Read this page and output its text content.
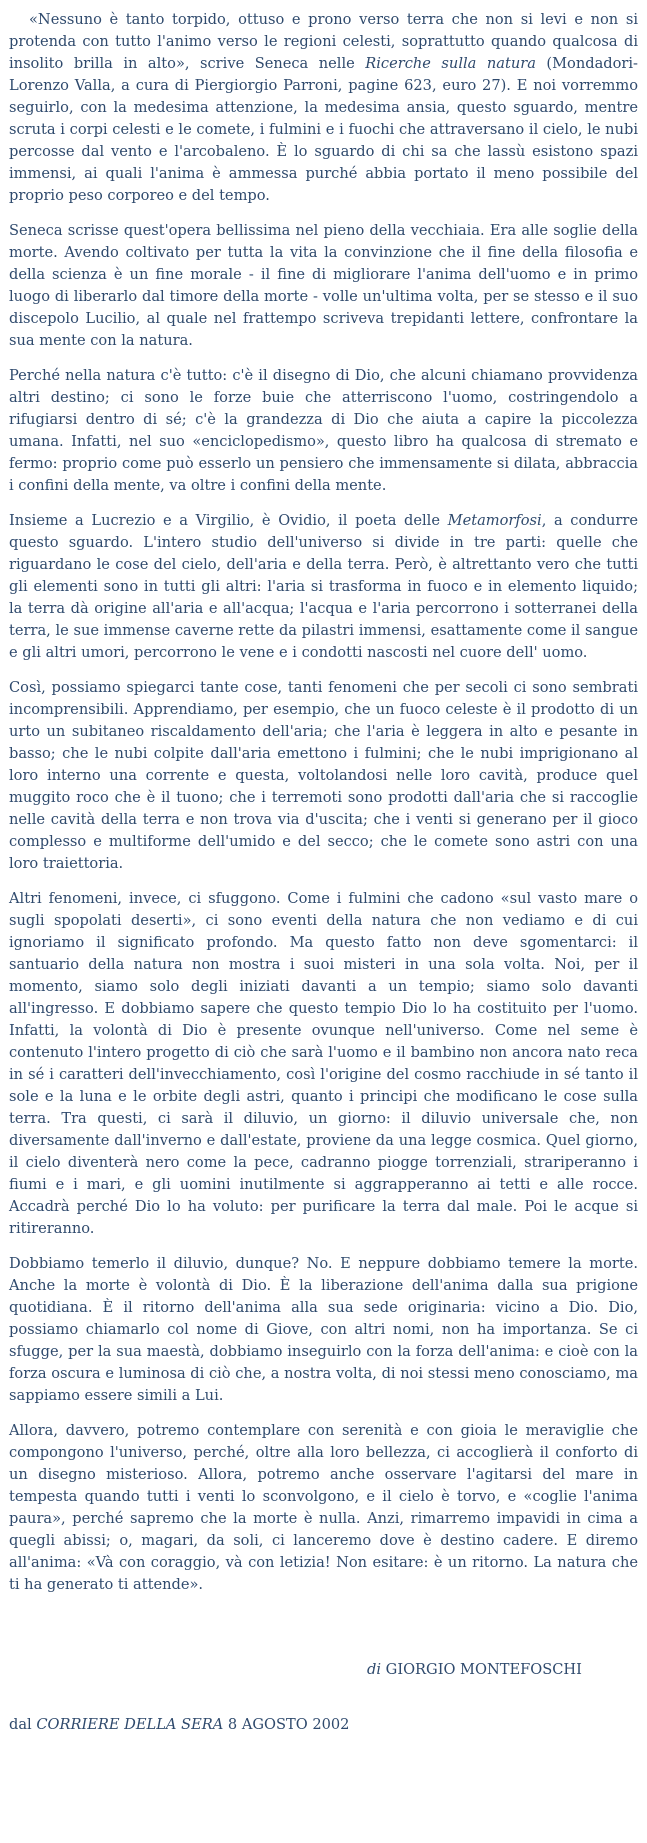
«Nessuno è tanto torpido, ottuso e prono verso terra che non si levi e non si protenda con tutto l'animo verso le regioni celesti, soprattutto quando qualcosa di insolito brilla in alto», scrive Seneca nelle Ricerche sulla natura (Mondadori-Lorenzo Valla, a cura di Piergiorgio Parroni, pagine 623, euro 27). E noi vorremmo seguirlo, con la medesima attenzione, la medesima ansia, questo sguardo, mentre scruta i corpi celesti e le comete, i fulmini e i fuochi che attraversano il cielo, le nubi percosse dal vento e l'arcobaleno. È lo sguardo di chi sa che lassù esistono spazi immensi, ai quali l'anima è ammessa purché abbia portato il meno possibile del proprio peso corporeo e del tempo.

Seneca scrisse quest'opera bellissima nel pieno della vecchiaia. Era alle soglie della morte. Avendo coltivato per tutta la vita la convinzione che il fine della filosofia e della scienza è un fine morale - il fine di migliorare l'anima dell'uomo e in primo luogo di liberarlo dal timore della morte - volle un'ultima volta, per se stesso e il suo discepolo Lucilio, al quale nel frattempo scriveva trepidanti lettere, confrontare la sua mente con la natura.

Perché nella natura c'è tutto: c'è il disegno di Dio, che alcuni chiamano provvidenza altri destino; ci sono le forze buie che atterriscono l'uomo, costringendolo a rifugiarsi dentro di sé; c'è la grandezza di Dio che aiuta a capire la piccolezza umana. Infatti, nel suo «enciclopedismo», questo libro ha qualcosa di stremato e fermo: proprio come può esserlo un pensiero che immensamente si dilata, abbraccia i confini della mente, va oltre i confini della mente.

Insieme a Lucrezio e a Virgilio, è Ovidio, il poeta delle Metamorfosi, a condurre questo sguardo. L'intero studio dell'universo si divide in tre parti: quelle che riguardano le cose del cielo, dell'aria e della terra. Però, è altrettanto vero che tutti gli elementi sono in tutti gli altri: l'aria si trasforma in fuoco e in elemento liquido; la terra dà origine all'aria e all'acqua; l'acqua e l'aria percorrono i sotterranei della terra, le sue immense caverne rette da pilastri immensi, esattamente come il sangue e gli altri umori, percorrono le vene e i condotti nascosti nel cuore dell' uomo.

Così, possiamo spiegarci tante cose, tanti fenomeni che per secoli ci sono sembrati incomprensibili. Apprendiamo, per esempio, che un fuoco celeste è il prodotto di un urto un subitaneo riscaldamento dell'aria; che l'aria è leggera in alto e pesante in basso; che le nubi colpite dall'aria emettono i fulmini; che le nubi imprigionano al loro interno una corrente e questa, voltolandosi nelle loro cavità, produce quel muggito roco che è il tuono; che i terremoti sono prodotti dall'aria che si raccoglie nelle cavità della terra e non trova via d'uscita; che i venti si generano per il gioco complesso e multiforme dell'umido e del secco; che le comete sono astri con una loro traiettoria.

Altri fenomeni, invece, ci sfuggono. Come i fulmini che cadono «sul vasto mare o sugli spopolati deserti», ci sono eventi della natura che non vediamo e di cui ignoriamo il significato profondo. Ma questo fatto non deve sgomentarci: il santuario della natura non mostra i suoi misteri in una sola volta. Noi, per il momento, siamo solo degli iniziati davanti a un tempio; siamo solo davanti all'ingresso. E dobbiamo sapere che questo tempio Dio lo ha costituito per l'uomo. Infatti, la volontà di Dio è presente ovunque nell'universo. Come nel seme è contenuto l'intero progetto di ciò che sarà l'uomo e il bambino non ancora nato reca in sé i caratteri dell'invecchiamento, così l'origine del cosmo racchiude in sé tanto il sole e la luna e le orbite degli astri, quanto i principi che modificano le cose sulla terra. Tra questi, ci sarà il diluvio, un giorno: il diluvio universale che, non diversamente dall'inverno e dall'estate, proviene da una legge cosmica. Quel giorno, il cielo diventerà nero come la pece, cadranno piogge torrenziali, strariperanno i fiumi e i mari, e gli uomini inutilmente si aggrapperanno ai tetti e alle rocce. Accadrà perché Dio lo ha voluto: per purificare la terra dal male. Poi le acque si ritireranno.

Dobbiamo temerlo il diluvio, dunque? No. E neppure dobbiamo temere la morte. Anche la morte è volontà di Dio. È la liberazione dell'anima dalla sua prigione quotidiana. È il ritorno dell'anima alla sua sede originaria: vicino a Dio. Dio, possiamo chiamarlo col nome di Giove, con altri nomi, non ha importanza. Se ci sfugge, per la sua maestà, dobbiamo inseguirlo con la forza dell'anima: e cioè con la forza oscura e luminosa di ciò che, a nostra volta, di noi stessi meno conosciamo, ma sappiamo essere simili a Lui.

Allora, davvero, potremo contemplare con serenità e con gioia le meraviglie che compongono l'universo, perché, oltre alla loro bellezza, ci accoglierà il conforto di un disegno misterioso. Allora, potremo anche osservare l'agitarsi del mare in tempesta quando tutti i venti lo sconvolgono, e il cielo è torvo, e «coglie l'anima paura», perché sapremo che la morte è nulla. Anzi, rimarremo impavidi in cima a quegli abissi; o, magari, da soli, ci lanceremo dove è destino cadere. E diremo all'anima: «Và con coraggio, và con letizia! Non esitare: è un ritorno. La natura che ti ha generato ti attende».

di GIORGIO MONTEFOSCHI
dal CORRIERE DELLA SERA 8 AGOSTO 2002
